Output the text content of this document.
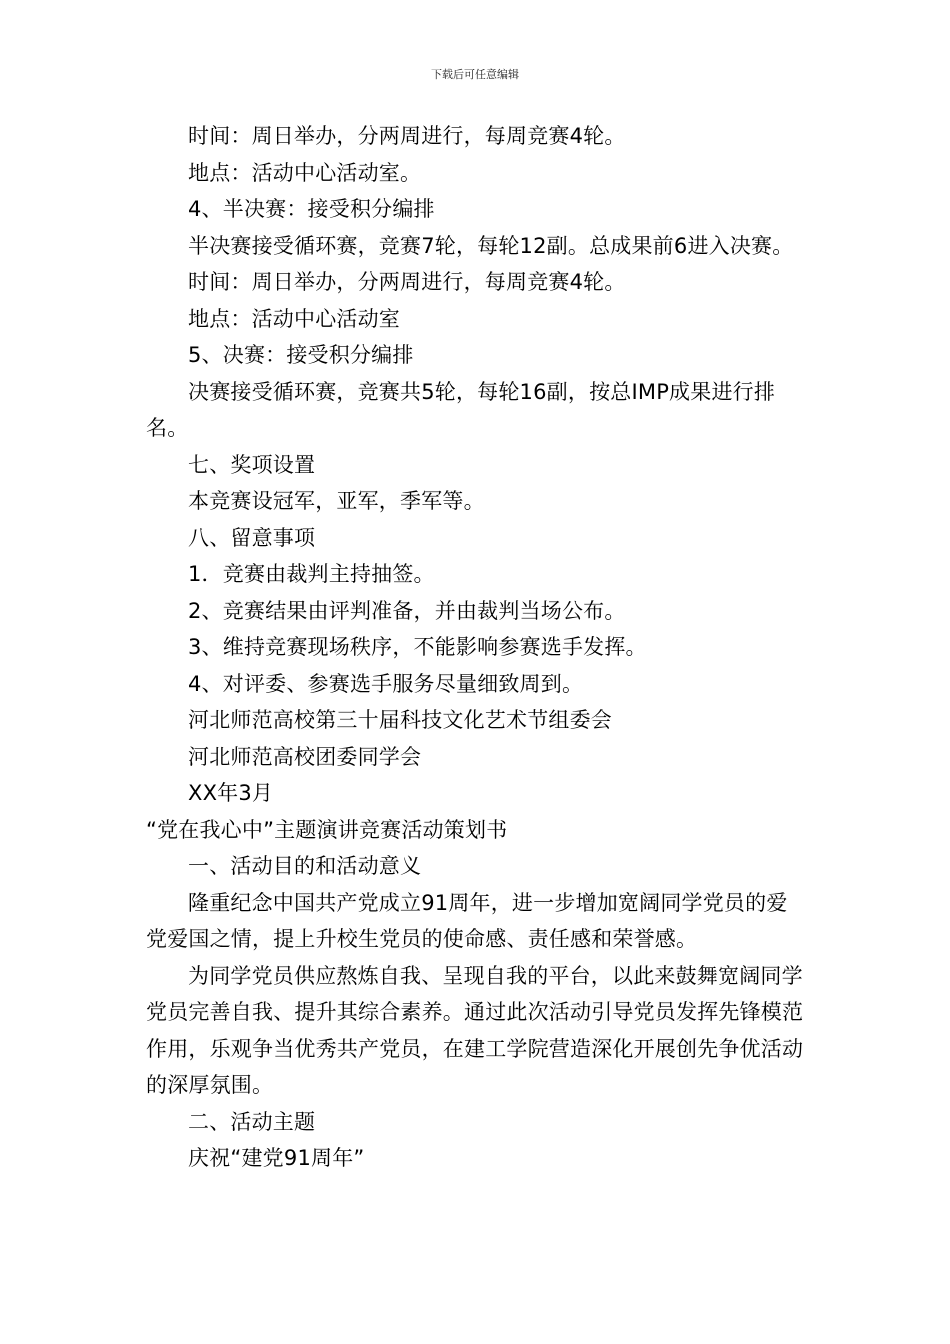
下载后可任意编辑

时间：周日举办，分两周进行，每周竞赛4轮。

地点：活动中心活动室。

4、半决赛：接受积分编排

半决赛接受循环赛，竞赛7轮，每轮12副。总成果前6进入决赛。

时间：周日举办，分两周进行，每周竞赛4轮。

地点：活动中心活动室

5、决赛：接受积分编排

决赛接受循环赛，竞赛共5轮，每轮16副，按总IMP成果进行排名。

七、奖项设置

本竞赛设冠军，亚军，季军等。

八、留意事项

1．竞赛由裁判主持抽签。

2、竞赛结果由评判准备，并由裁判当场公布。

3、维持竞赛现场秩序，不能影响参赛选手发挥。

4、对评委、参赛选手服务尽量细致周到。

河北师范高校第三十届科技文化艺术节组委会

河北师范高校团委同学会

XX年3月

“党在我心中”主题演讲竞赛活动策划书

一、活动目的和活动意义

隆重纪念中国共产党成立91周年，进一步增加宽阔同学党员的爱党爱国之情，提上升校生党员的使命感、责任感和荣誉感。

为同学党员供应熬炼自我、呈现自我的平台，以此来鼓舞宽阔同学党员完善自我、提升其综合素养。通过此次活动引导党员发挥先锋模范作用，乐观争当优秀共产党员，在建工学院营造深化开展创先争优活动的深厚氛围。

二、活动主题

庆祝“建党91周年”
